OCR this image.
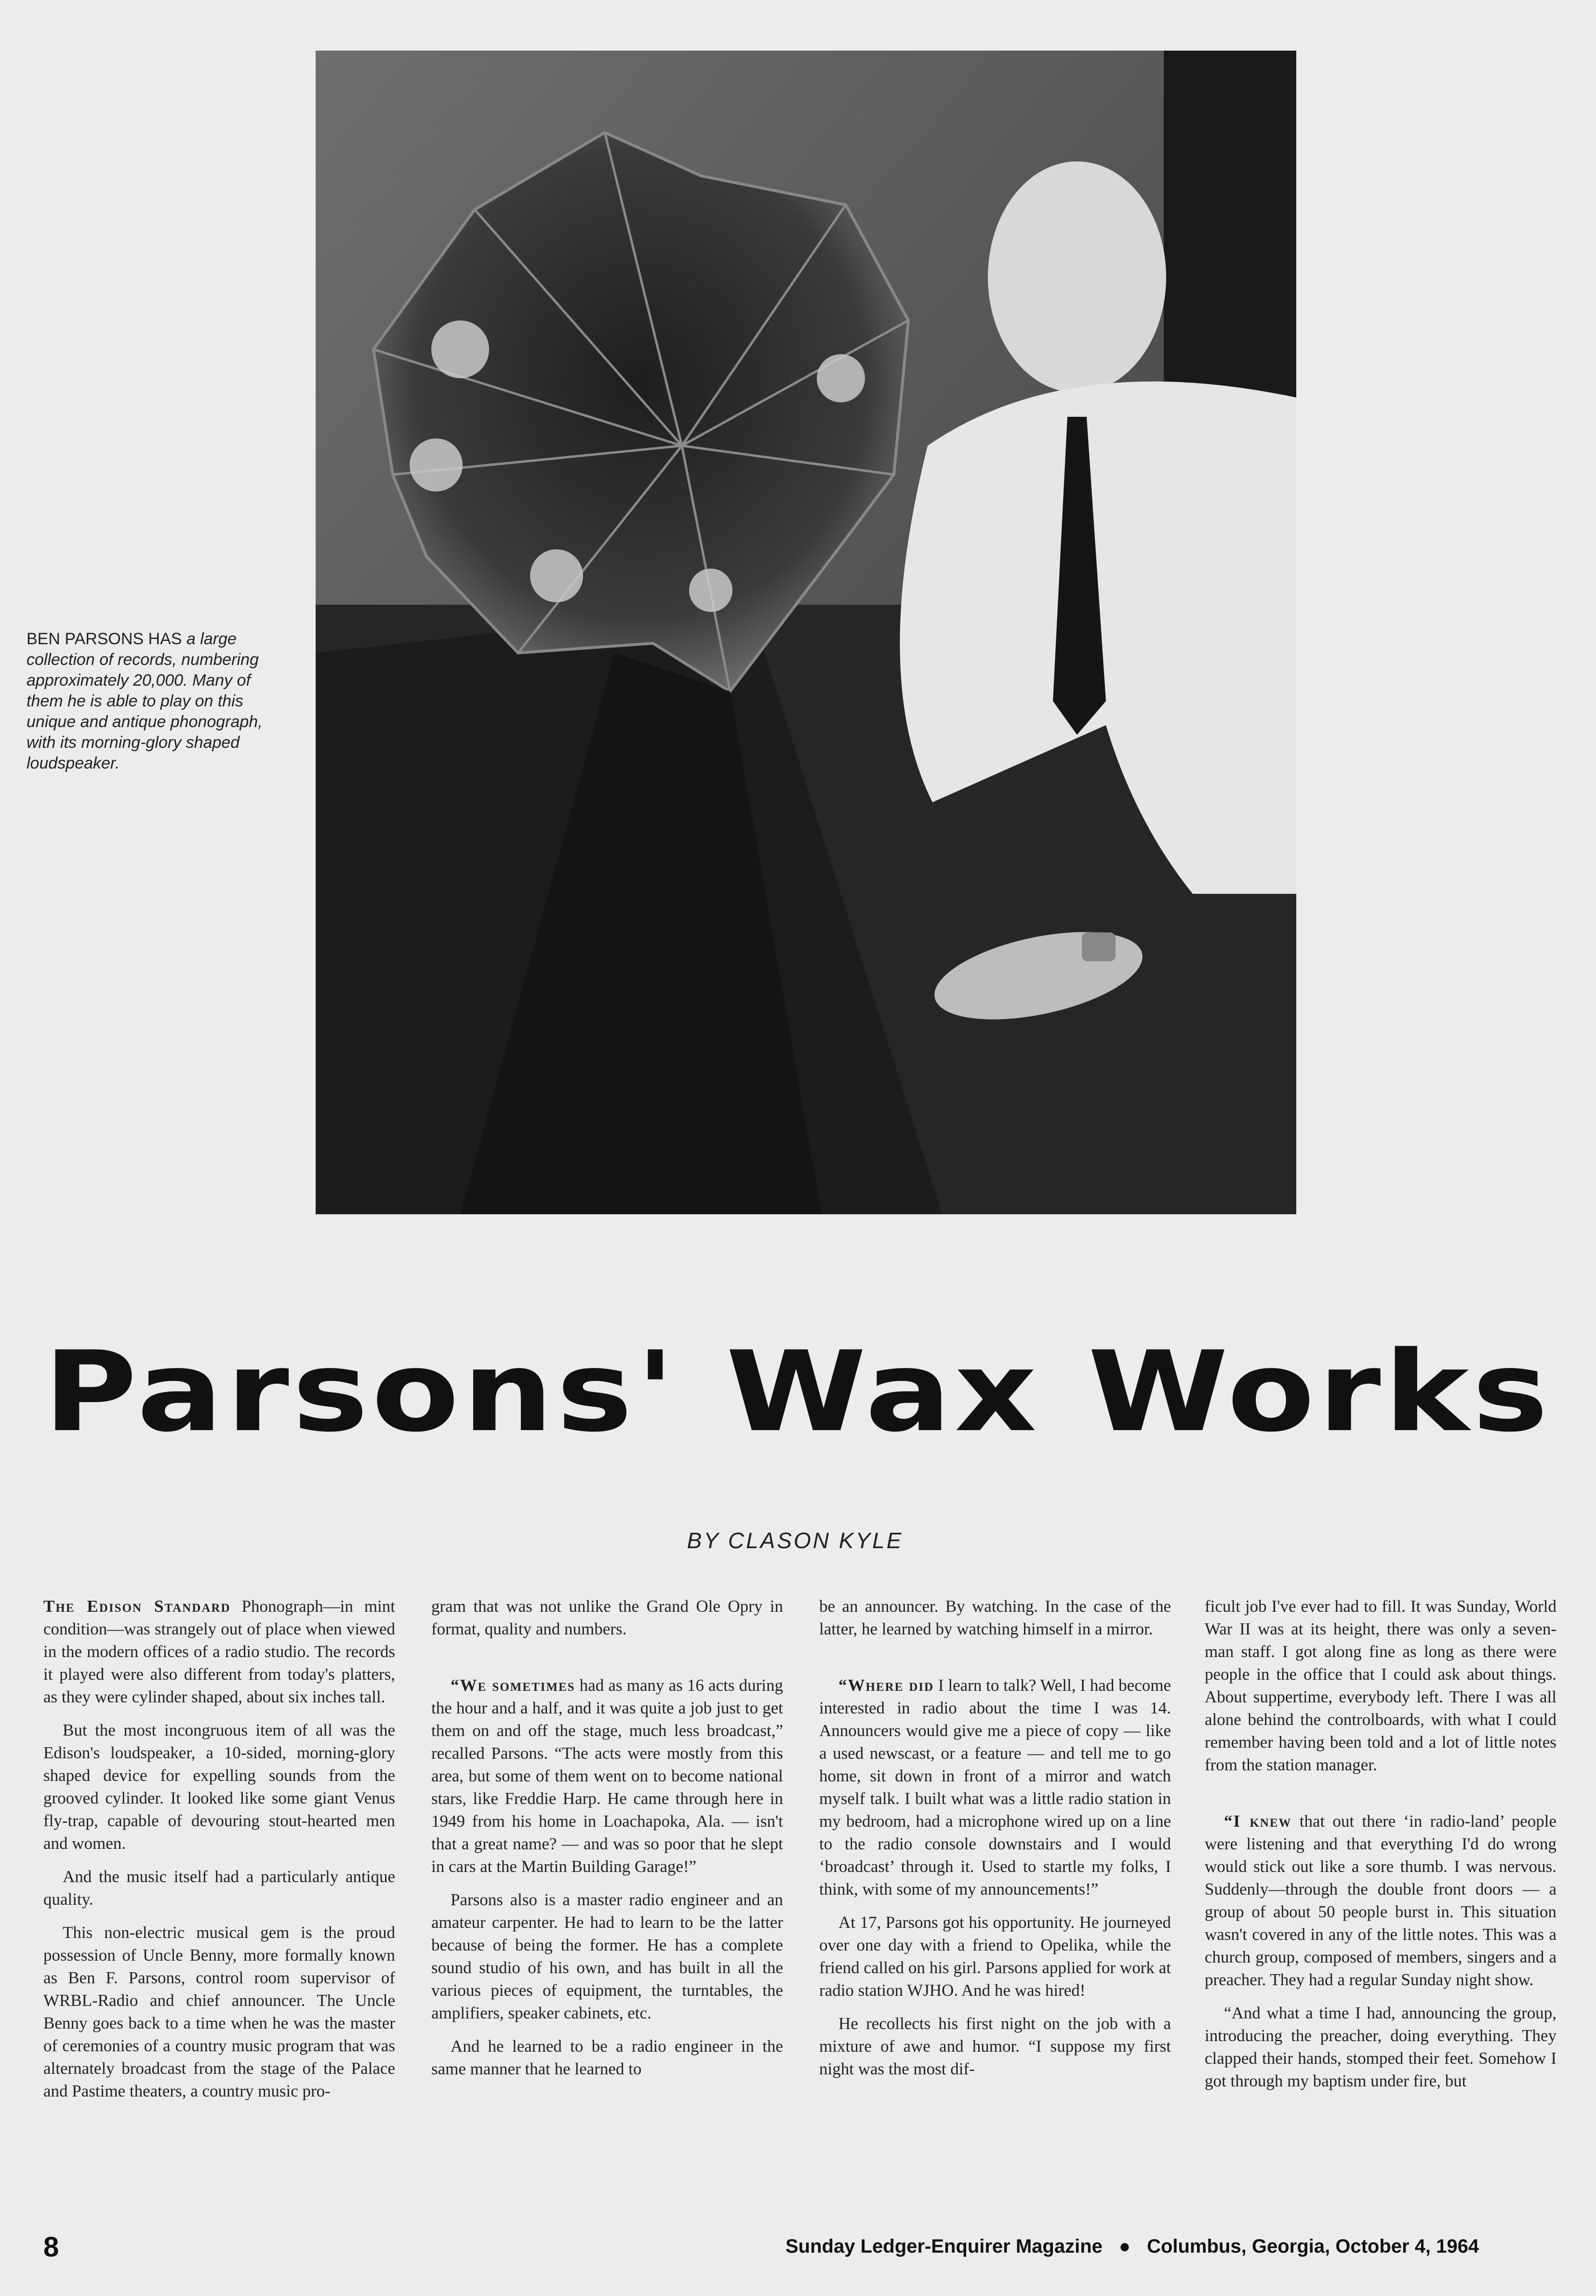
BEN PARSONS HAS a large collection of records, numbering approximately 20,000. Many of them he is able to play on this unique and antique phonograph, with its morning-glory shaped loudspeaker.
Parsons' Wax Works
BY CLASON KYLE

The Edison Standard Phonograph—in mint condition—was strangely out of place when viewed in the modern offices of a radio studio. The records it played were also different from today's platters, as they were cylinder shaped, about six inches tall.

But the most incongruous item of all was the Edison's loudspeaker, a 10-sided, morning-glory shaped device for expelling sounds from the grooved cylinder. It looked like some giant Venus fly-trap, capable of devouring stout-hearted men and women.

And the music itself had a particularly antique quality.

This non-electric musical gem is the proud possession of Uncle Benny, more formally known as Ben F. Parsons, control room supervisor of WRBL-Radio and chief announcer. The Uncle Benny goes back to a time when he was the master of ceremonies of a country music program that was alternately broadcast from the stage of the Palace and Pastime theaters, a country music pro-

gram that was not unlike the Grand Ole Opry in format, quality and numbers.

“We sometimes had as many as 16 acts during the hour and a half, and it was quite a job just to get them on and off the stage, much less broadcast,” recalled Parsons. “The acts were mostly from this area, but some of them went on to become national stars, like Freddie Harp. He came through here in 1949 from his home in Loachapoka, Ala. — isn't that a great name? — and was so poor that he slept in cars at the Martin Building Garage!”

Parsons also is a master radio engineer and an amateur carpenter. He had to learn to be the latter because of being the former. He has a complete sound studio of his own, and has built in all the various pieces of equipment, the turntables, the amplifiers, speaker cabinets, etc.

And he learned to be a radio engineer in the same manner that he learned to

be an announcer. By watching. In the case of the latter, he learned by watching himself in a mirror.

“Where did I learn to talk? Well, I had become interested in radio about the time I was 14. Announcers would give me a piece of copy — like a used newscast, or a feature — and tell me to go home, sit down in front of a mirror and watch myself talk. I built what was a little radio station in my bedroom, had a microphone wired up on a line to the radio console downstairs and I would ‘broadcast’ through it. Used to startle my folks, I think, with some of my announcements!”

At 17, Parsons got his opportunity. He journeyed over one day with a friend to Opelika, while the friend called on his girl. Parsons applied for work at radio station WJHO. And he was hired!

He recollects his first night on the job with a mixture of awe and humor. “I suppose my first night was the most dif-

ficult job I've ever had to fill. It was Sunday, World War II was at its height, there was only a seven-man staff. I got along fine as long as there were people in the office that I could ask about things. About suppertime, everybody left. There I was all alone behind the controlboards, with what I could remember having been told and a lot of little notes from the station manager.

“I knew that out there ‘in radio-land’ people were listening and that everything I'd do wrong would stick out like a sore thumb. I was nervous. Suddenly—through the double front doors — a group of about 50 people burst in. This situation wasn't covered in any of the little notes. This was a church group, composed of members, singers and a preacher. They had a regular Sunday night show.

“And what a time I had, announcing the group, introducing the preacher, doing everything. They clapped their hands, stomped their feet. Somehow I got through my baptism under fire, but

8	Sunday Ledger-Enquirer Magazine ● Columbus, Georgia, October 4, 1964
